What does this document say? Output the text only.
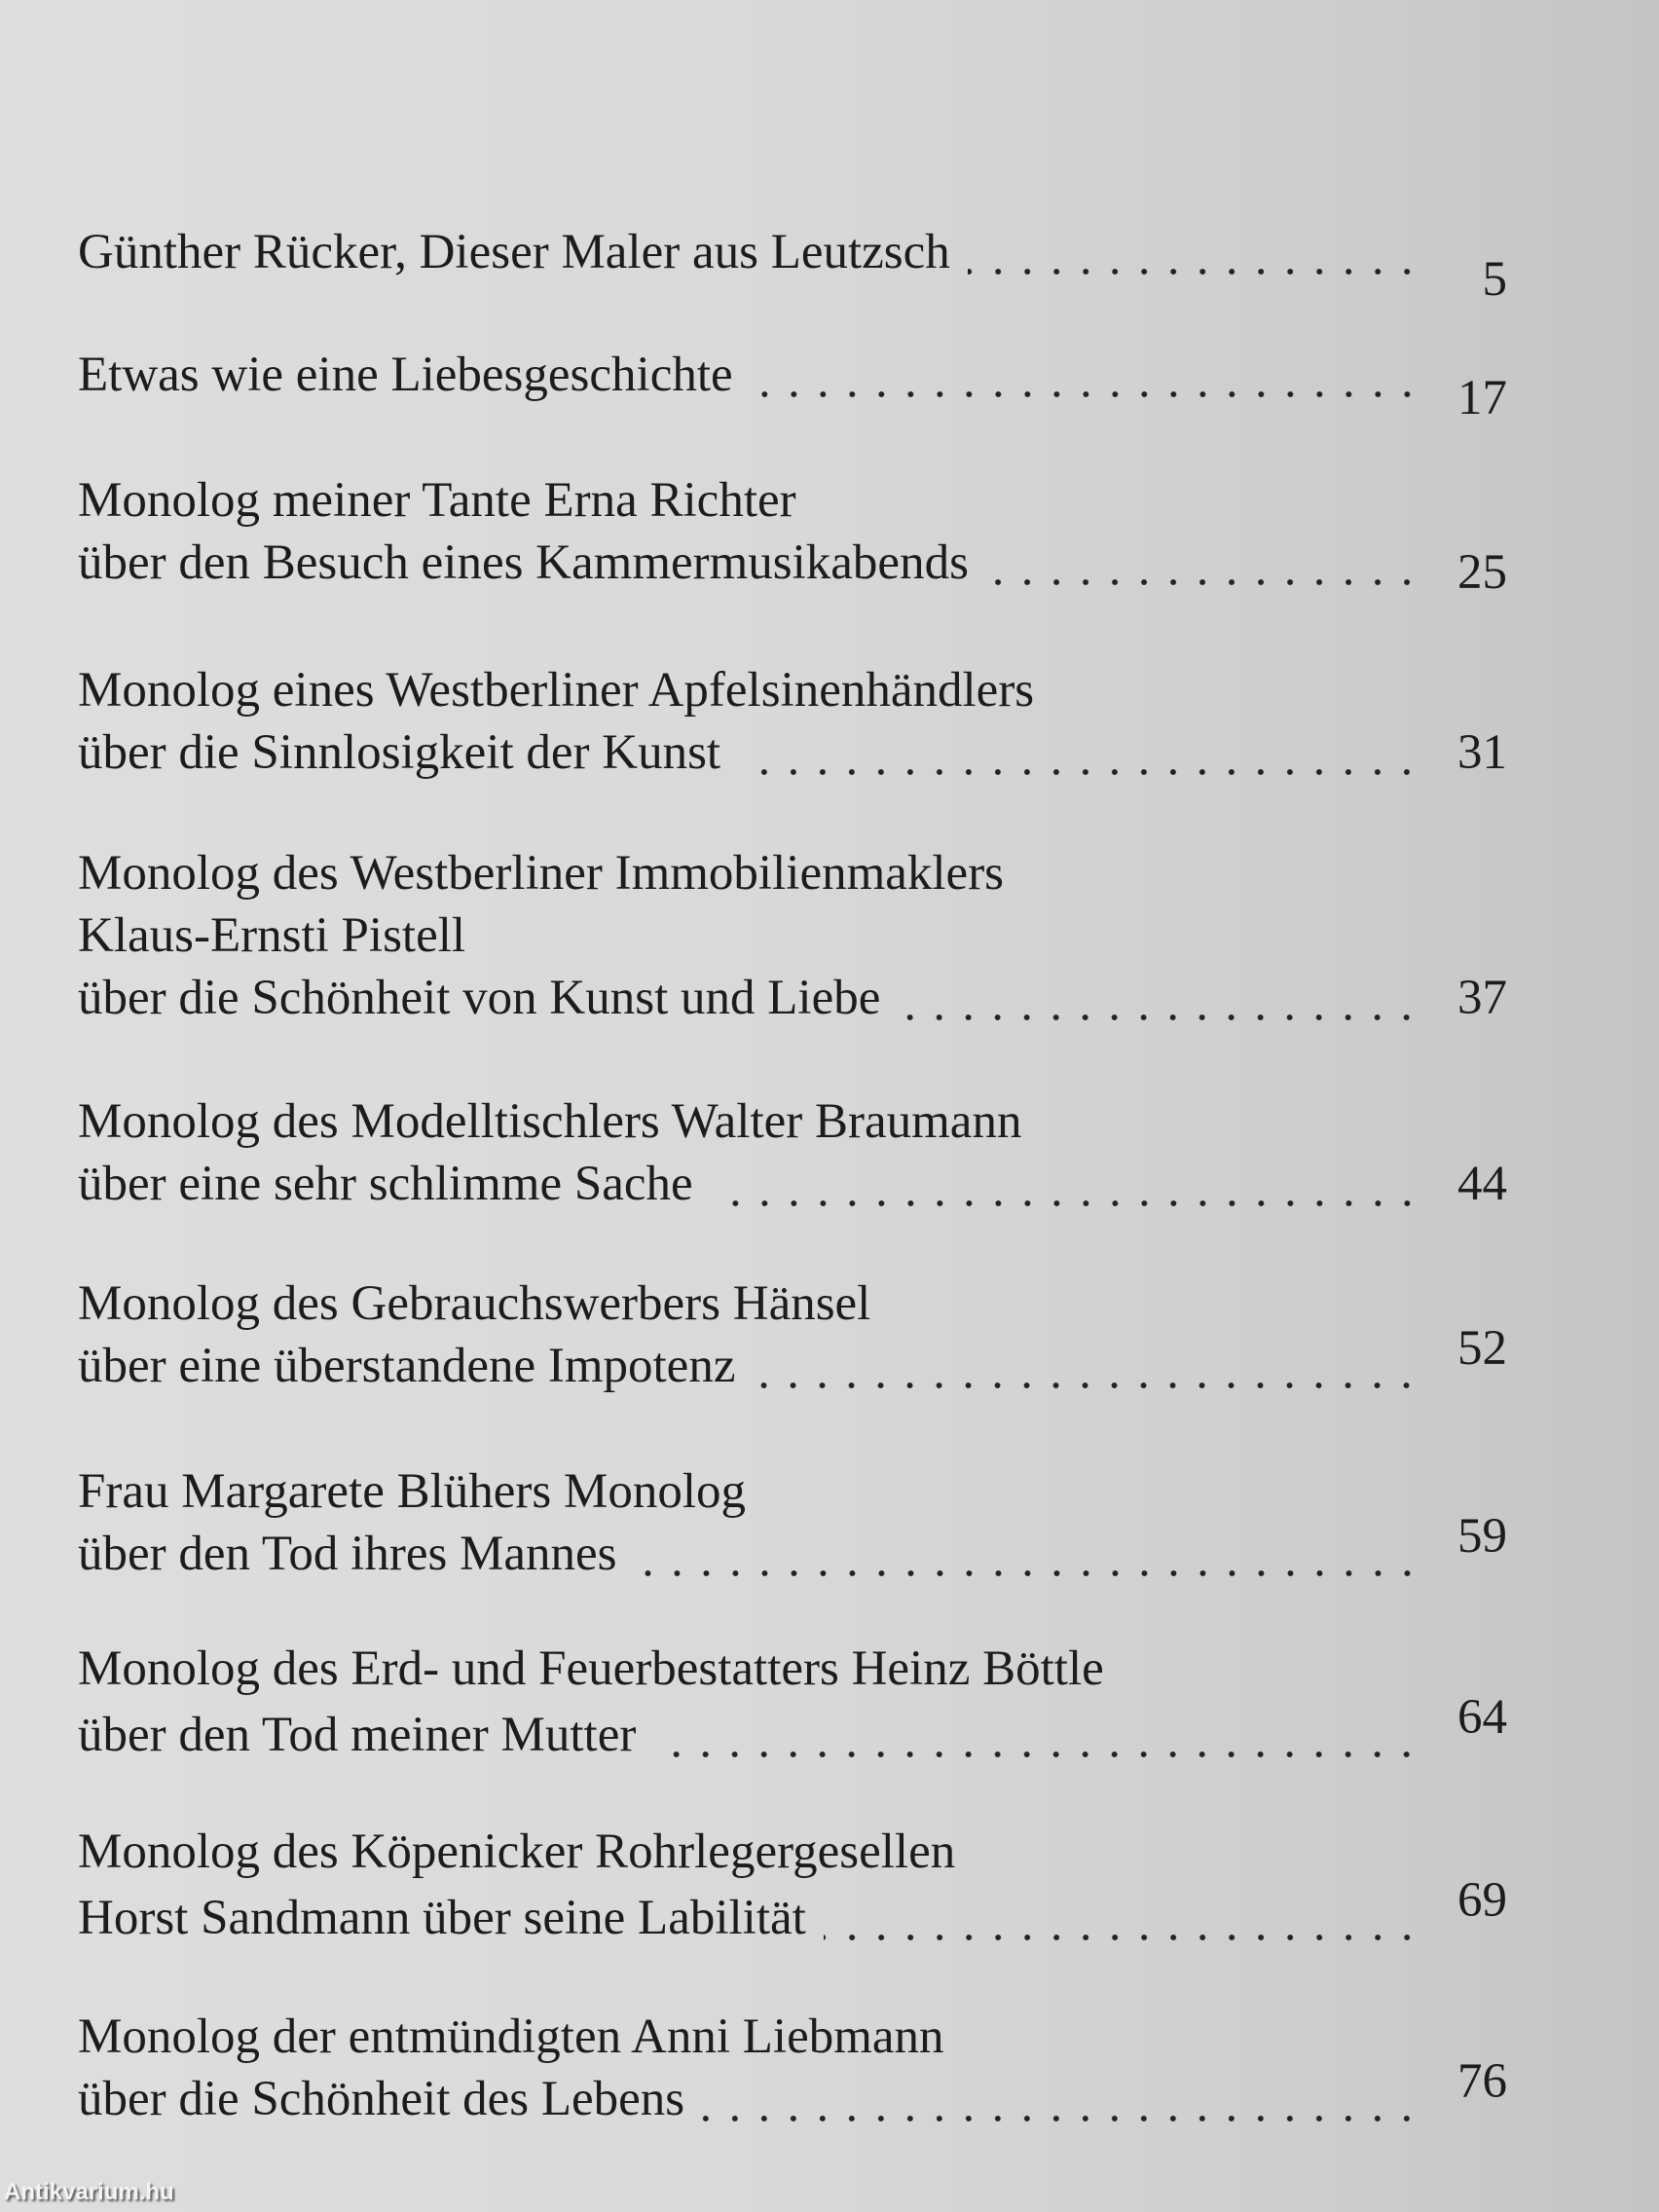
Günther Rücker, Dieser Maler aus Leutzsch	5
Etwas wie eine Liebesgeschichte	17
Monolog meiner Tante Erna Richter
über den Besuch eines Kammermusikabends	25
Monolog eines Westberliner Apfelsinenhändlers
über die Sinnlosigkeit der Kunst	31
Monolog des Westberliner Immobilienmaklers
Klaus-Ernsti Pistell
über die Schönheit von Kunst und Liebe	37
Monolog des Modelltischlers Walter Braumann
über eine sehr schlimme Sache	44
Monolog des Gebrauchswerbers Hänsel
über eine überstandene Impotenz	52
Frau Margarete Blühers Monolog
über den Tod ihres Mannes	59
Monolog des Erd- und Feuerbestatters Heinz Böttle
über den Tod meiner Mutter	64
Monolog des Köpenicker Rohrlegergesellen
Horst Sandmann über seine Labilität	69
Monolog der entmündigten Anni Liebmann
über die Schönheit des Lebens	76
Antikvarium.hu
